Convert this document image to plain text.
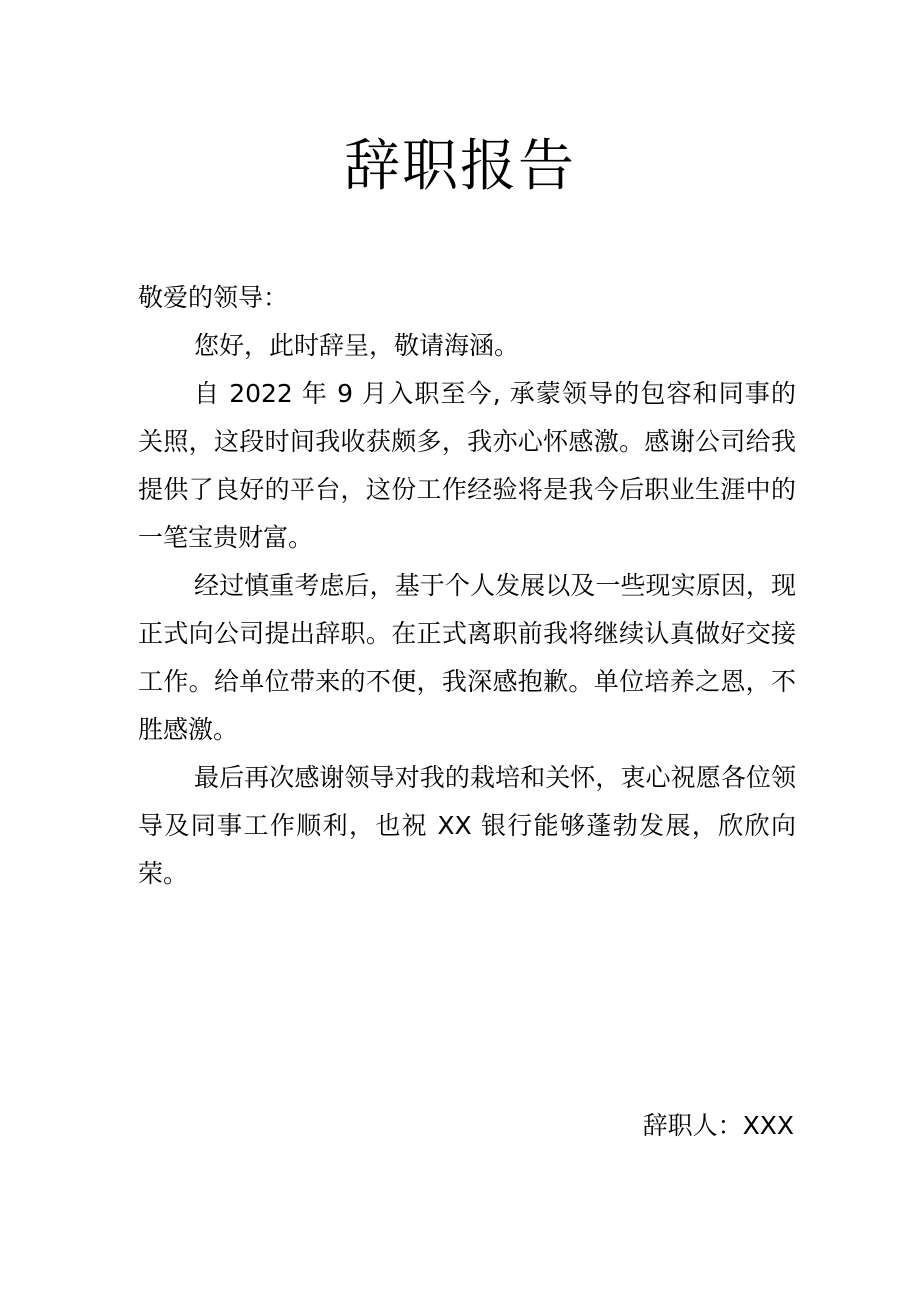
辞职报告

敬爱的领导：

您好，此时辞呈，敬请海涵。

自 2022 年 9 月入职至今, 承蒙领导的包容和同事的关照，这段时间我收获颇多，我亦心怀感激。感谢公司给我提供了良好的平台，这份工作经验将是我今后职业生涯中的一笔宝贵财富。

经过慎重考虑后，基于个人发展以及一些现实原因，现正式向公司提出辞职。在正式离职前我将继续认真做好交接工作。给单位带来的不便，我深感抱歉。单位培养之恩，不胜感激。

最后再次感谢领导对我的栽培和关怀，衷心祝愿各位领导及同事工作顺利，也祝 XX 银行能够蓬勃发展，欣欣向荣。

辞职人：XXX
